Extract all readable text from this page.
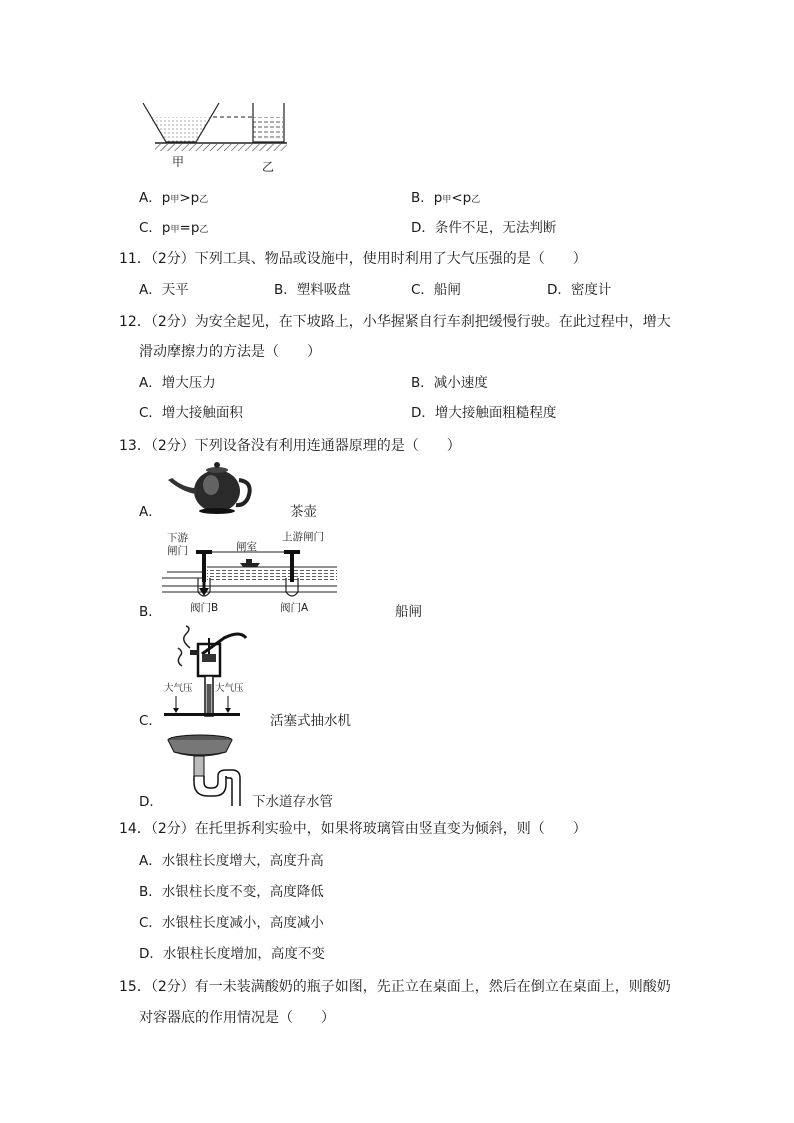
甲	乙
A．p甲>p乙	B．p甲<p乙
C．p甲=p乙	D．条件不足，无法判断
11．（2分）下列工具、物品或设施中，使用时利用了大气压强的是（　　）
A．天平	B．塑料吸盘	C．船闸	D．密度计
12．（2分）为安全起见，在下坡路上，小华握紧自行车刹把缓慢行驶。在此过程中，增大
滑动摩擦力的方法是（　　）
A．增大压力	B．减小速度
C．增大接触面积	D．增大接触面粗糙程度
13．（2分）下列设备没有利用连通器原理的是（　　）
A．	茶壶
B．
下游
闸门	闸室
上游闸门
阀门B	阀门A	船闸
C．
大气压 大气压
活塞式抽水机
D．	下水道存水管
14．（2分）在托里拆利实验中，如果将玻璃管由竖直变为倾斜，则（　　）
A．水银柱长度增大，高度升高
B．水银柱长度不变，高度降低
C．水银柱长度减小，高度减小
D．水银柱长度增加，高度不变
15．（2分）有一未装满酸奶的瓶子如图，先正立在桌面上，然后在倒立在桌面上，则酸奶
对容器底的作用情况是（　　）
